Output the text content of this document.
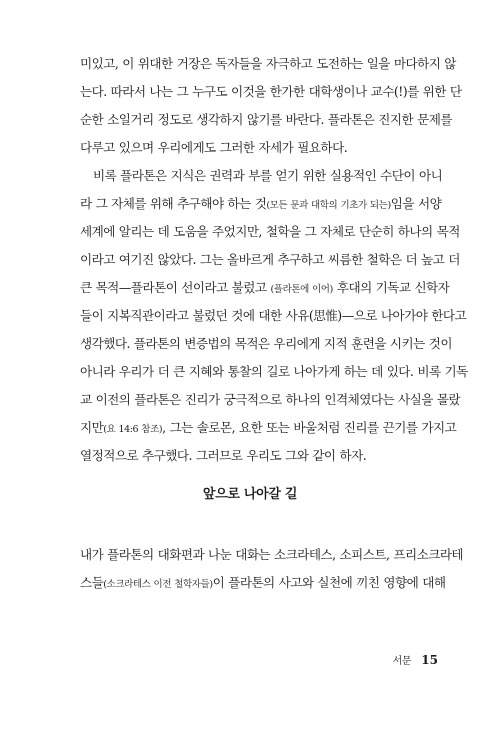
미있고, 이 위대한 거장은 독자들을 자극하고 도전하는 일을 마다하지 않
는다. 따라서 나는 그 누구도 이것을 한가한 대학생이나 교수(!)를 위한 단
순한 소일거리 정도로 생각하지 않기를 바란다. 플라톤은 진지한 문제를
다루고 있으며 우리에게도 그러한 자세가 필요하다.
비록 플라톤은 지식은 권력과 부를 얻기 위한 실용적인 수단이 아니
라 그 자체를 위해 추구해야 하는 것(모든 문과 대학의 기초가 되는)임을 서양
세계에 알리는 데 도움을 주었지만, 철학을 그 자체로 단순히 하나의 목적
이라고 여기진 않았다. 그는 올바르게 추구하고 씨름한 철학은 더 높고 더
큰 목적—플라톤이 선이라고 불렀고 (플라톤에 이어) 후대의 기독교 신학자
들이 지복직관이라고 불렀던 것에 대한 사유(思惟)—으로 나아가야 한다고
생각했다. 플라톤의 변증법의 목적은 우리에게 지적 훈련을 시키는 것이
아니라 우리가 더 큰 지혜와 통찰의 길로 나아가게 하는 데 있다. 비록 기독
교 이전의 플라톤은 진리가 궁극적으로 하나의 인격체였다는 사실을 몰랐
지만(요 14:6 참조), 그는 솔로몬, 요한 또는 바울처럼 진리를 끈기를 가지고
열정적으로 추구했다. 그러므로 우리도 그와 같이 하자.
앞으로 나아갈 길
내가 플라톤의 대화편과 나눈 대화는 소크라테스, 소피스트, 프리소크라테
스들(소크라테스 이전 철학자들)이 플라톤의 사고와 실천에 끼친 영향에 대해
서문 15
